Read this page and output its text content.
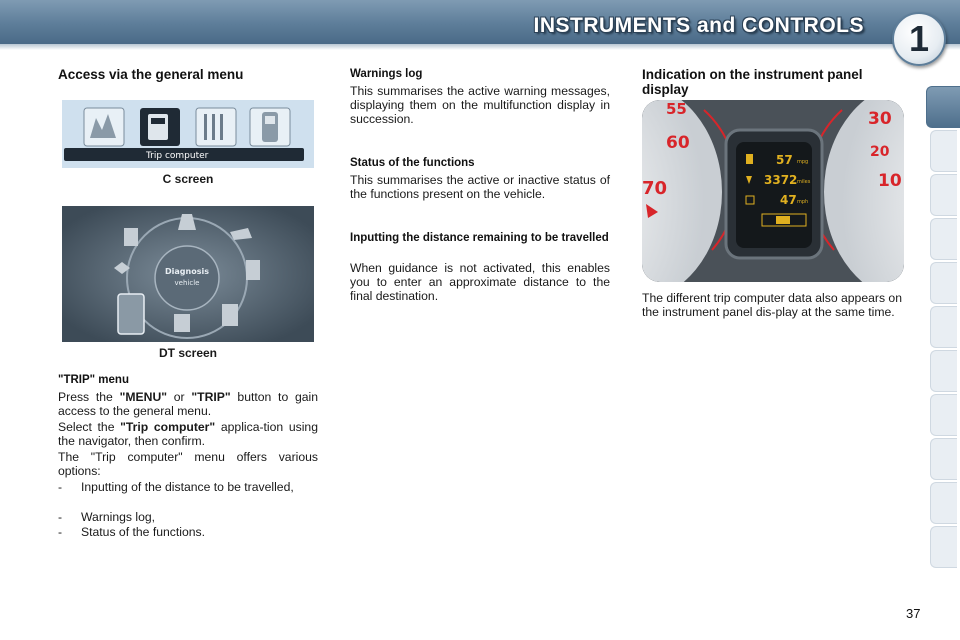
INSTRUMENTS and CONTROLS	1
Access via the general menu
Trip computer
C screen
Diagnosis
vehicle
DT screen
"TRIP" menu
Press the "MENU" or "TRIP" button to gain access to the general menu.
Select the "Trip computer" applica-tion using the navigator, then confirm.
The "Trip computer" menu offers various options:
- Inputting of the distance to be travelled,
- Warnings log,
- Status of the functions.
Warnings log
This summarises the active warning messages, displaying them on the multifunction display in succession.
Status of the functions
This summarises the active or inactive status of the functions present on the vehicle.
Inputting the distance remaining to be travelled
When guidance is not activated, this enables you to enter an approximate distance to the final destination.
Indication on the instrument panel display
55
60
70
30
20
10
57 mpg
3372 miles
47 mph
The different trip computer data also appears on the instrument panel dis-play at the same time.
37
